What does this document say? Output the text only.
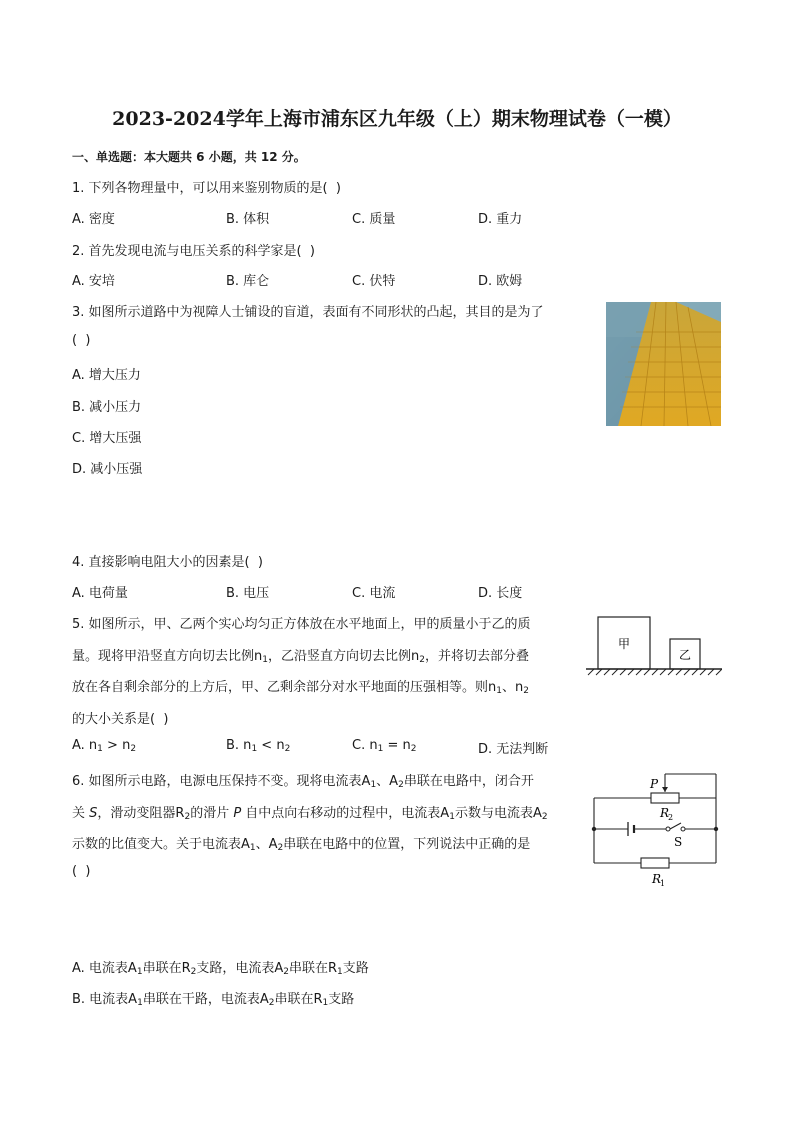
2023-2024学年上海市浦东区九年级（上）期末物理试卷（一模）
一、单选题：本大题共 6 小题，共 12 分。
1. 下列各物理量中，可以用来鉴别物质的是(  )
A. 密度	B. 体积	C. 质量	D. 重力
2. 首先发现电流与电压关系的科学家是(  )
A. 安培	B. 库仑	C. 伏特	D. 欧姆
3. 如图所示道路中为视障人士铺设的盲道，表面有不同形状的凸起，其目的是为了
(  )
A. 增大压力
B. 减小压力
C. 增大压强
D. 减小压强
4. 直接影响电阻大小的因素是(  )
A. 电荷量	B. 电压	C. 电流	D. 长度
5. 如图所示，甲、乙两个实心均匀正方体放在水平地面上，甲的质量小于乙的质
量。现将甲沿竖直方向切去比例$n_1$，乙沿竖直方向切去比例$n_2$，并将切去部分叠
放在各自剩余部分的上方后，甲、乙剩余部分对水平地面的压强相等。则$n_1$、$n_2$
的大小关系是(  )
A. $n_1 > n_2$	B. $n_1 < n_2$	C. $n_1 = n_2$	D. 无法判断
甲
乙
6. 如图所示电路，电源电压保持不变。现将电流表$A_1$、$A_2$串联在电路中，闭合开
关 S，滑动变阻器$R_2$的滑片 P 自中点向右移动的过程中，电流表$A_1$示数与电流表$A_2$
示数的比值变大。关于电流表$A_1$、$A_2$串联在电路中的位置，下列说法中正确的是
(  )
A. 电流表$A_1$串联在$R_2$支路，电流表$A_2$串联在$R_1$支路
B. 电流表$A_1$串联在干路，电流表$A_2$串联在$R_1$支路
P
R
2
S
R
1
